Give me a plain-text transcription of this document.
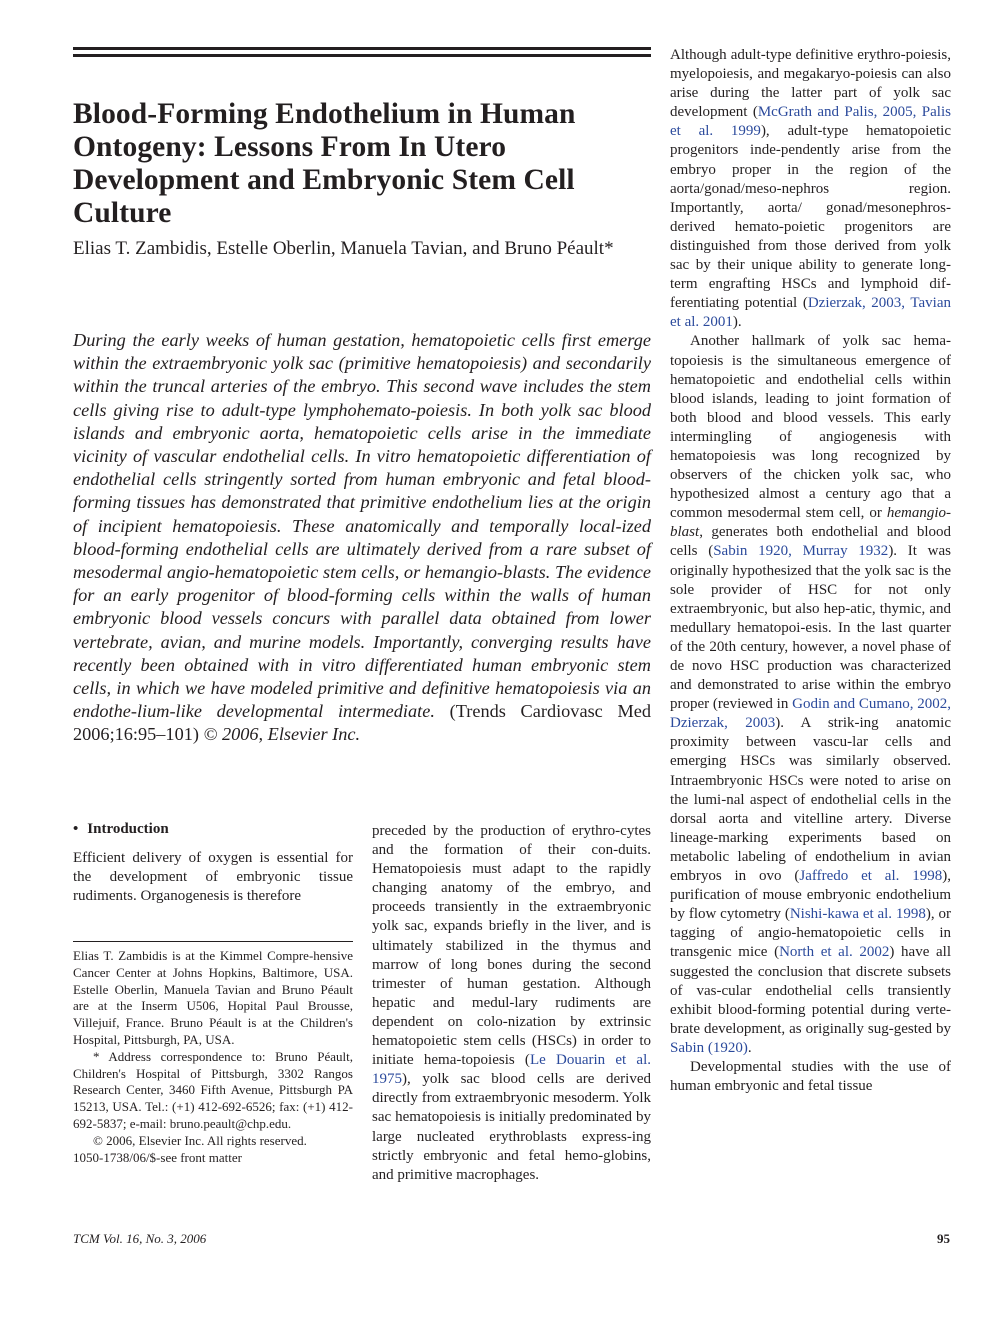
Blood-Forming Endothelium in Human Ontogeny: Lessons From In Utero Development and Embryonic Stem Cell Culture
Elias T. Zambidis, Estelle Oberlin, Manuela Tavian, and Bruno Péault*

During the early weeks of human gestation, hematopoietic cells first emerge within the extraembryonic yolk sac (primitive hematopoiesis) and secondarily within the truncal arteries of the embryo. This second wave includes the stem cells giving rise to adult-type lymphohemato-poiesis. In both yolk sac blood islands and embryonic aorta, hematopoietic cells arise in the immediate vicinity of vascular endothelial cells. In vitro hematopoietic differentiation of endothelial cells stringently sorted from human embryonic and fetal blood-forming tissues has demonstrated that primitive endothelium lies at the origin of incipient hematopoiesis. These anatomically and temporally local-ized blood-forming endothelial cells are ultimately derived from a rare subset of mesodermal angio-hematopoietic stem cells, or hemangio-blasts. The evidence for an early progenitor of blood-forming cells within the walls of human embryonic blood vessels concurs with parallel data obtained from lower vertebrate, avian, and murine models. Importantly, converging results have recently been obtained with in vitro differentiated human embryonic stem cells, in which we have modeled primitive and definitive hematopoiesis via an endothe-lium-like developmental intermediate. (Trends Cardiovasc Med 2006;16:95–101) © 2006, Elsevier Inc.

• Introduction

Efficient delivery of oxygen is essential for the development of embryonic tissue rudiments. Organogenesis is therefore

Elias T. Zambidis is at the Kimmel Compre-hensive Cancer Center at Johns Hopkins, Baltimore, USA. Estelle Oberlin, Manuela Tavian and Bruno Péault are at the Inserm U506, Hopital Paul Brousse, Villejuif, France. Bruno Péault is at the Children's Hospital, Pittsburgh, PA, USA.

* Address correspondence to: Bruno Péault, Children's Hospital of Pittsburgh, 3302 Rangos Research Center, 3460 Fifth Avenue, Pittsburgh PA 15213, USA. Tel.: (+1) 412-692-6526; fax: (+1) 412-692-5837; e-mail: bruno.peault@chp.edu.

© 2006, Elsevier Inc. All rights reserved.

1050-1738/06/$-see front matter

preceded by the production of erythro-cytes and the formation of their con-duits. Hematopoiesis must adapt to the rapidly changing anatomy of the embryo, and proceeds transiently in the extraembryonic yolk sac, expands briefly in the liver, and is ultimately stabilized in the thymus and marrow of long bones during the second trimester of human gestation. Although hepatic and medul-lary rudiments are dependent on colo-nization by extrinsic hematopoietic stem cells (HSCs) in order to initiate hema-topoiesis (Le Douarin et al. 1975), yolk sac blood cells are derived directly from extraembryonic mesoderm. Yolk sac hematopoiesis is initially predominated by large nucleated erythroblasts express-ing strictly embryonic and fetal hemo-globins, and primitive macrophages.

Although adult-type definitive erythro-poiesis, myelopoiesis, and megakaryo-poiesis can also arise during the latter part of yolk sac development (McGrath and Palis, 2005, Palis et al. 1999), adult-type hematopoietic progenitors inde-pendently arise from the embryo proper in the region of the aorta/gonad/meso-nephros region. Importantly, aorta/ gonad/mesonephros-derived hemato-poietic progenitors are distinguished from those derived from yolk sac by their unique ability to generate long-term engrafting HSCs and lymphoid dif-ferentiating potential (Dzierzak, 2003, Tavian et al. 2001).

Another hallmark of yolk sac hema-topoiesis is the simultaneous emergence of hematopoietic and endothelial cells within blood islands, leading to joint formation of both blood and blood vessels. This early intermingling of angiogenesis with hematopoiesis was long recognized by observers of the chicken yolk sac, who hypothesized almost a century ago that a common mesodermal stem cell, or hemangio-blast, generates both endothelial and blood cells (Sabin 1920, Murray 1932). It was originally hypothesized that the yolk sac is the sole provider of HSC for not only extraembryonic, but also hep-atic, thymic, and medullary hematopoi-esis. In the last quarter of the 20th century, however, a novel phase of de novo HSC production was characterized and demonstrated to arise within the embryo proper (reviewed in Godin and Cumano, 2002, Dzierzak, 2003). A strik-ing anatomic proximity between vascu-lar cells and emerging HSCs was similarly observed. Intraembryonic HSCs were noted to arise on the lumi-nal aspect of endothelial cells in the dorsal aorta and vitelline artery. Diverse lineage-marking experiments based on metabolic labeling of endothelium in avian embryos in ovo (Jaffredo et al. 1998), purification of mouse embryonic endothelium by flow cytometry (Nishi-kawa et al. 1998), or tagging of angio-hematopoietic cells in transgenic mice (North et al. 2002) have all suggested the conclusion that discrete subsets of vas-cular endothelial cells transiently exhibit blood-forming potential during verte-brate development, as originally sug-gested by Sabin (1920).

Developmental studies with the use of human embryonic and fetal tissue

TCM Vol. 16, No. 3, 2006	95
